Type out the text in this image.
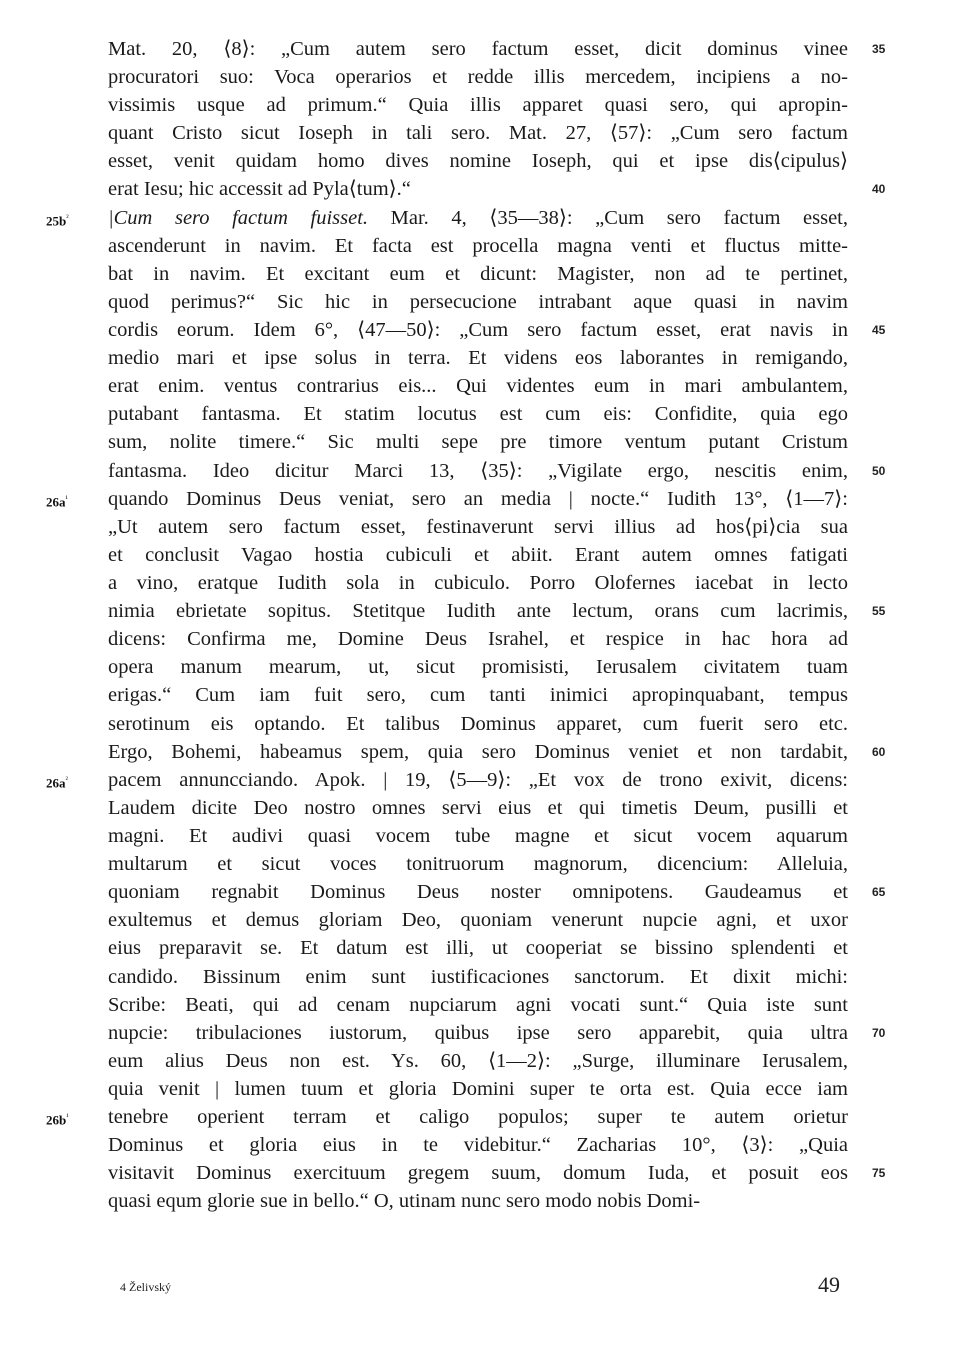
Mat. 20, ⟨8⟩: „Cum autem sero factum esset, dicit dominus vinee
procuratori suo: Voca operarios et redde illis mercedem, incipiens a no-
vissimis usque ad primum.“ Quia illis apparet quasi sero, qui apropin-
quant Cristo sicut Ioseph in tali sero. Mat. 27, ⟨57⟩: „Cum sero factum
esset, venit quidam homo dives nomine Ioseph, qui et ipse dis⟨cipulus⟩
erat Iesu; hic accessit ad Pyla⟨tum⟩.“
|Cum sero factum fuisset. Mar. 4, ⟨35—38⟩: „Cum sero factum esset,
ascenderunt in navim. Et facta est procella magna venti et fluctus mitte-
bat in navim. Et excitant eum et dicunt: Magister, non ad te pertinet,
quod perimus?“ Sic hic in persecucione intrabant aque quasi in navim
cordis eorum. Idem 6°, ⟨47—50⟩: „Cum sero factum esset, erat navis in
medio mari et ipse solus in terra. Et videns eos laborantes in remigando,
erat enim. ventus contrarius eis... Qui videntes eum in mari ambulantem,
putabant fantasma. Et statim locutus est cum eis: Confidite, quia ego
sum, nolite timere.“ Sic multi sepe pre timore ventum putant Cristum
fantasma. Ideo dicitur Marci 13, ⟨35⟩: „Vigilate ergo, nescitis enim,
quando Dominus Deus veniat, sero an media | nocte.“ Iudith 13°, ⟨1—7⟩:
„Ut autem sero factum esset, festinaverunt servi illius ad hos⟨pi⟩cia sua
et conclusit Vagao hostia cubiculi et abiit. Erant autem omnes fatigati
a vino, eratque Iudith sola in cubiculo. Porro Olofernes iacebat in lecto
nimia ebrietate sopitus. Stetitque Iudith ante lectum, orans cum lacrimis,
dicens: Confirma me, Domine Deus Israhel, et respice in hac hora ad
opera manum mearum, ut, sicut promisisti, Ierusalem civitatem tuam
erigas.“ Cum iam fuit sero, cum tanti inimici apropinquabant, tempus
serotinum eis optando. Et talibus Dominus apparet, cum fuerit sero etc.
Ergo, Bohemi, habeamus spem, quia sero Dominus veniet et non tardabit,
pacem annuncciando. Apok. | 19, ⟨5—9⟩: „Et vox de trono exivit, dicens:
Laudem dicite Deo nostro omnes servi eius et qui timetis Deum, pusilli et
magni. Et audivi quasi vocem tube magne et sicut vocem aquarum
multarum et sicut voces tonitruorum magnorum, dicencium: Alleluia,
quoniam regnabit Dominus Deus noster omnipotens. Gaudeamus et
exultemus et demus gloriam Deo, quoniam venerunt nupcie agni, et uxor
eius preparavit se. Et datum est illi, ut cooperiat se bissino splendenti et
candido. Bissinum enim sunt iustificaciones sanctorum. Et dixit michi:
Scribe: Beati, qui ad cenam nupciarum agni vocati sunt.“ Quia iste sunt
nupcie: tribulaciones iustorum, quibus ipse sero apparebit, quia ultra
eum alius Deus non est. Ys. 60, ⟨1—2⟩: „Surge, illuminare Ierusalem,
quia venit | lumen tuum et gloria Domini super te orta est. Quia ecce iam
tenebre operient terram et caligo populos; super te autem orietur
Dominus et gloria eius in te videbitur.“ Zacharias 10°, ⟨3⟩: „Quia
visitavit Dominus exercituum gregem suum, domum Iuda, et posuit eos
quasi equm glorie sue in bello.“ O, utinam nunc sero modo nobis Domi-
35
40
45
50
55
60
65
70
75
$25b^{^2}$
$26a^{^1}$
$26a^{^2}$
$26b^{^1}$
4 Želivský	49
